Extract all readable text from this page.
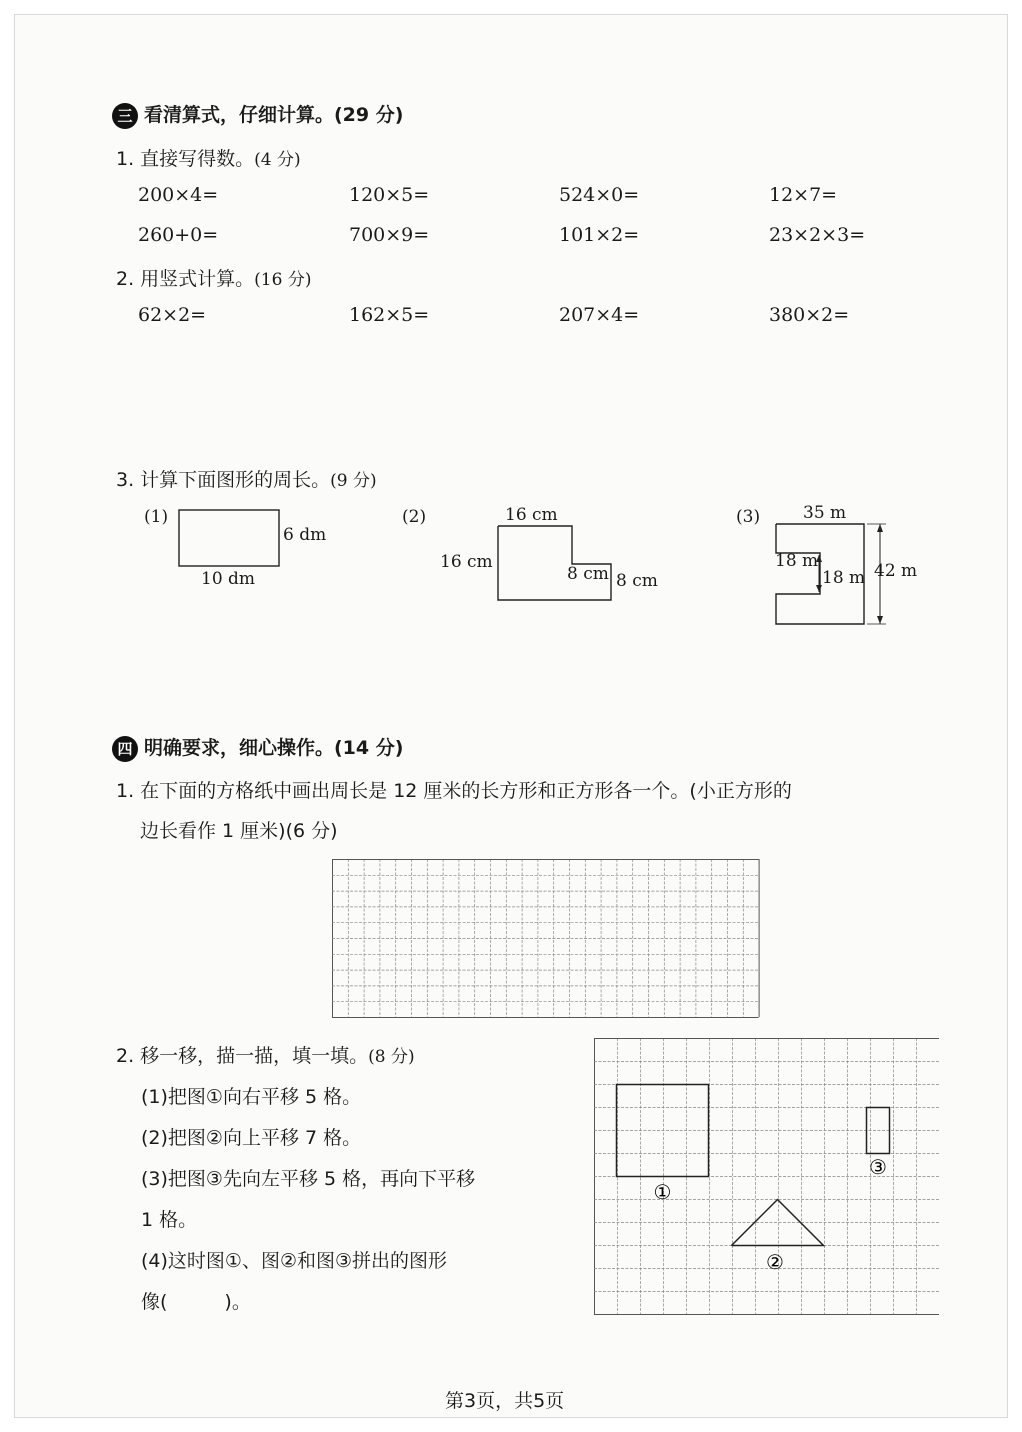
三 看清算式，仔细计算。(29 分)
1. 直接写得数。(4 分)
200×4=	120×5=	524×0=	12×7=
260+0=	700×9=	101×2=	23×2×3=
2. 用竖式计算。(16 分)
62×2=	162×5=	207×4=	380×2=
3. 计算下面图形的周长。(9 分)
(1)
6 dm
10 dm
(2)	16 cm
16 cm
8 cm 8 cm
(3)	35 m
18 m
18 m 42 m
四 明确要求，细心操作。(14 分)
1. 在下面的方格纸中画出周长是 12 厘米的长方形和正方形各一个。(小正方形的
边长看作 1 厘米)(6 分)
2. 移一移，描一描，填一填。(8 分)
(1)把图①向右平移 5 格。
(2)把图②向上平移 7 格。
(3)把图③先向左平移 5 格，再向下平移
1 格。
(4)这时图①、图②和图③拼出的图形
像(　　　)。
①
②
③
第3页，共5页
